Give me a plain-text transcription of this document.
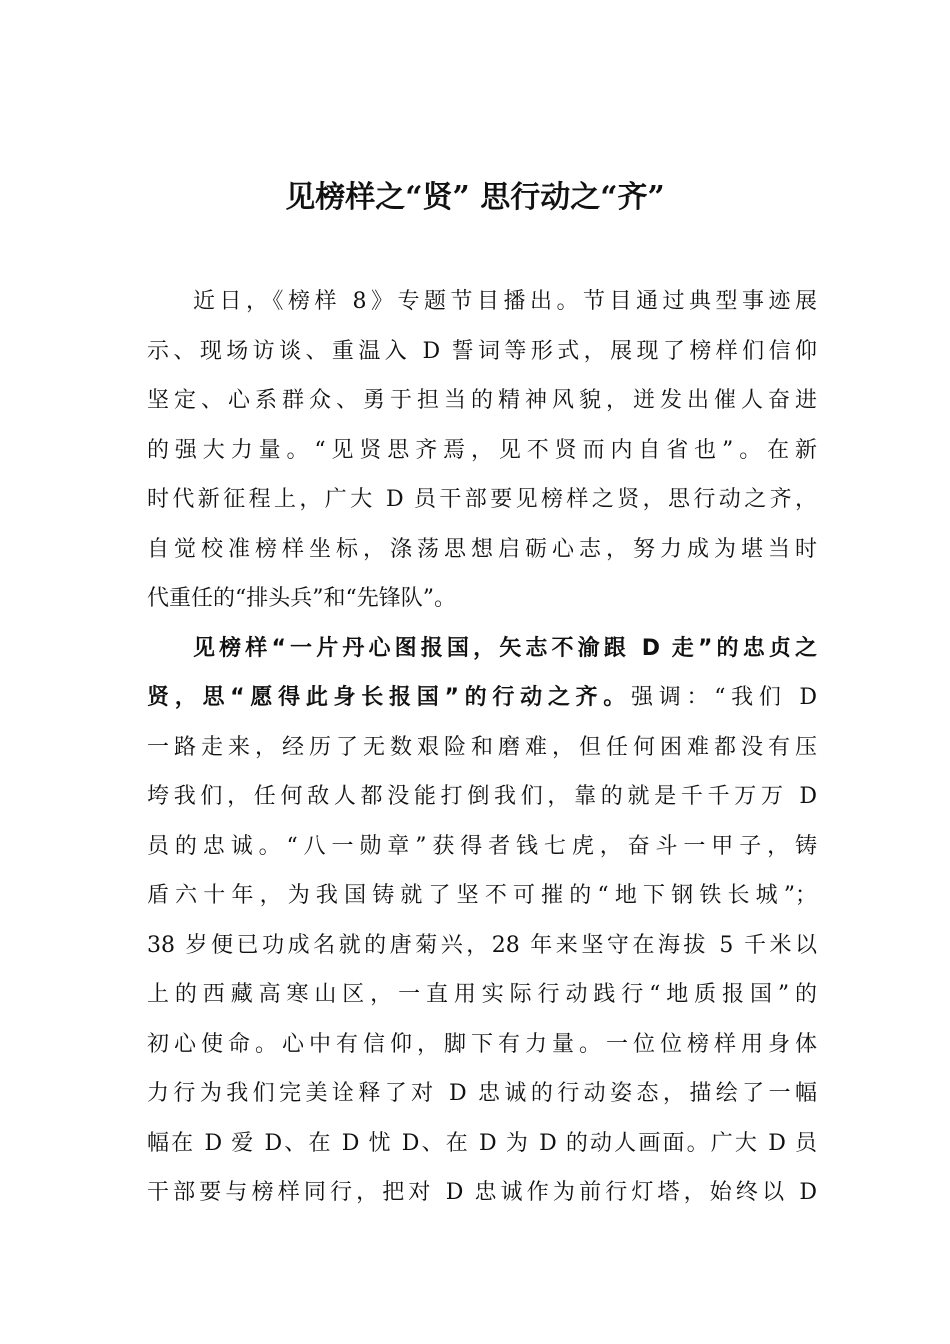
见榜样之“贤” 思行动之“齐”
近日，《榜样 8》专题节目播出。节目通过典型事迹展
示、现场访谈、重温入 D 誓词等形式，展现了榜样们信仰
坚定、心系群众、勇于担当的精神风貌，迸发出催人奋进
的强大力量。“见贤思齐焉，见不贤而内自省也”。在新
时代新征程上，广大 D 员干部要见榜样之贤，思行动之齐，
自觉校准榜样坐标，涤荡思想启砺心志，努力成为堪当时
代重任的“排头兵”和“先锋队”。
见榜样“一片丹心图报国，矢志不渝跟 D 走”的忠贞之
贤，思“愿得此身长报国”的行动之齐。强调：“我们 D
一路走来，经历了无数艰险和磨难，但任何困难都没有压
垮我们，任何敌人都没能打倒我们，靠的就是千千万万 D
员的忠诚。“八一勋章”获得者钱七虎，奋斗一甲子，铸
盾六十年，为我国铸就了坚不可摧的“地下钢铁长城”；
38 岁便已功成名就的唐菊兴，28 年来坚守在海拔 5 千米以
上的西藏高寒山区，一直用实际行动践行“地质报国”的
初心使命。心中有信仰，脚下有力量。一位位榜样用身体
力行为我们完美诠释了对 D 忠诚的行动姿态，描绘了一幅
幅在 D 爱 D、在 D 忧 D、在 D 为 D 的动人画面。广大 D 员
干部要与榜样同行，把对 D 忠诚作为前行灯塔，始终以 D
